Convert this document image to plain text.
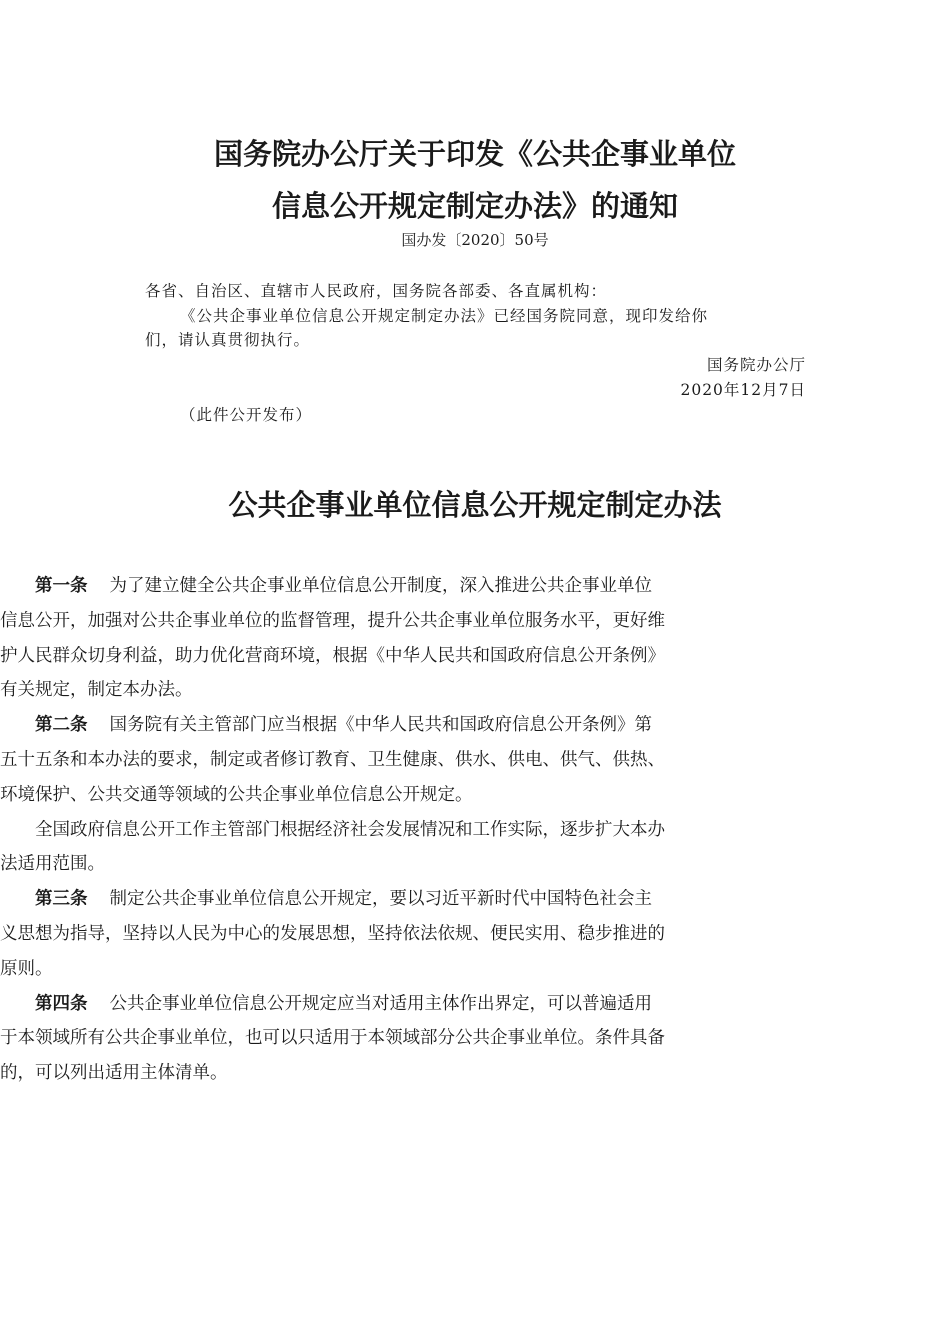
国务院办公厅关于印发《公共企事业单位
信息公开规定制定办法》的通知
国办发〔2020〕50号
各省、自治区、直辖市人民政府，国务院各部委、各直属机构：
《公共企事业单位信息公开规定制定办法》已经国务院同意，现印发给你
们，请认真贯彻执行。
国务院办公厅
2020年12月7日
（此件公开发布）
公共企事业单位信息公开规定制定办法

第一条 为了建立健全公共企事业单位信息公开制度，深入推进公共企事业单位信息公开，加强对公共企事业单位的监督管理，提升公共企事业单位服务水平，更好维护人民群众切身利益，助力优化营商环境，根据《中华人民共和国政府信息公开条例》有关规定，制定本办法。

第二条 国务院有关主管部门应当根据《中华人民共和国政府信息公开条例》第五十五条和本办法的要求，制定或者修订教育、卫生健康、供水、供电、供气、供热、环境保护、公共交通等领域的公共企事业单位信息公开规定。

全国政府信息公开工作主管部门根据经济社会发展情况和工作实际，逐步扩大本办法适用范围。

第三条 制定公共企事业单位信息公开规定，要以习近平新时代中国特色社会主义思想为指导，坚持以人民为中心的发展思想，坚持依法依规、便民实用、稳步推进的原则。

第四条 公共企事业单位信息公开规定应当对适用主体作出界定，可以普遍适用于本领域所有公共企事业单位，也可以只适用于本领域部分公共企事业单位。条件具备的，可以列出适用主体清单。
